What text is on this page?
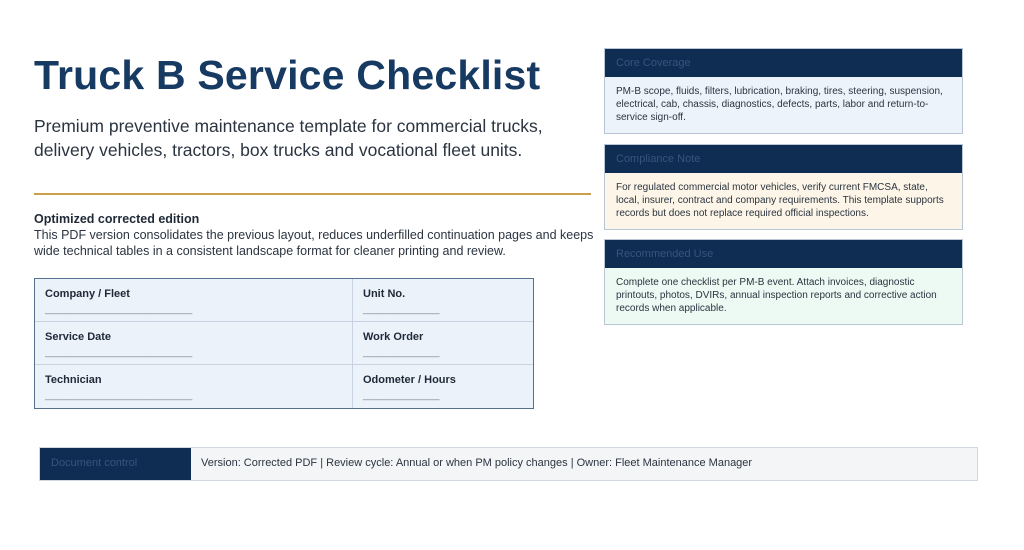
Truck B Service Checklist

Premium preventive maintenance template for commercial trucks, delivery vehicles, tractors, box trucks and vocational fleet units.

Optimized corrected edition

This PDF version consolidates the previous layout, reduces underfilled continuation pages and keeps wide technical tables in a consistent landscape format for cleaner printing and review.

Company / Fleet
_____________________________
Unit No.
_______________
Service Date
_____________________________
Work Order
_______________
Technician
_____________________________
Odometer / Hours
_______________
Core Coverage
PM-B scope, fluids, filters, lubrication, braking, tires, steering, suspension, electrical, cab, chassis, diagnostics, defects, parts, labor and return-to-service sign-off.
Compliance Note
For regulated commercial motor vehicles, verify current FMCSA, state, local, insurer, contract and company requirements. This template supports records but does not replace required official inspections.
Recommended Use
Complete one checklist per PM-B event. Attach invoices, diagnostic printouts, photos, DVIRs, annual inspection reports and corrective action records when applicable.
Document control	Version: Corrected PDF | Review cycle: Annual or when PM policy changes | Owner: Fleet Maintenance Manager
